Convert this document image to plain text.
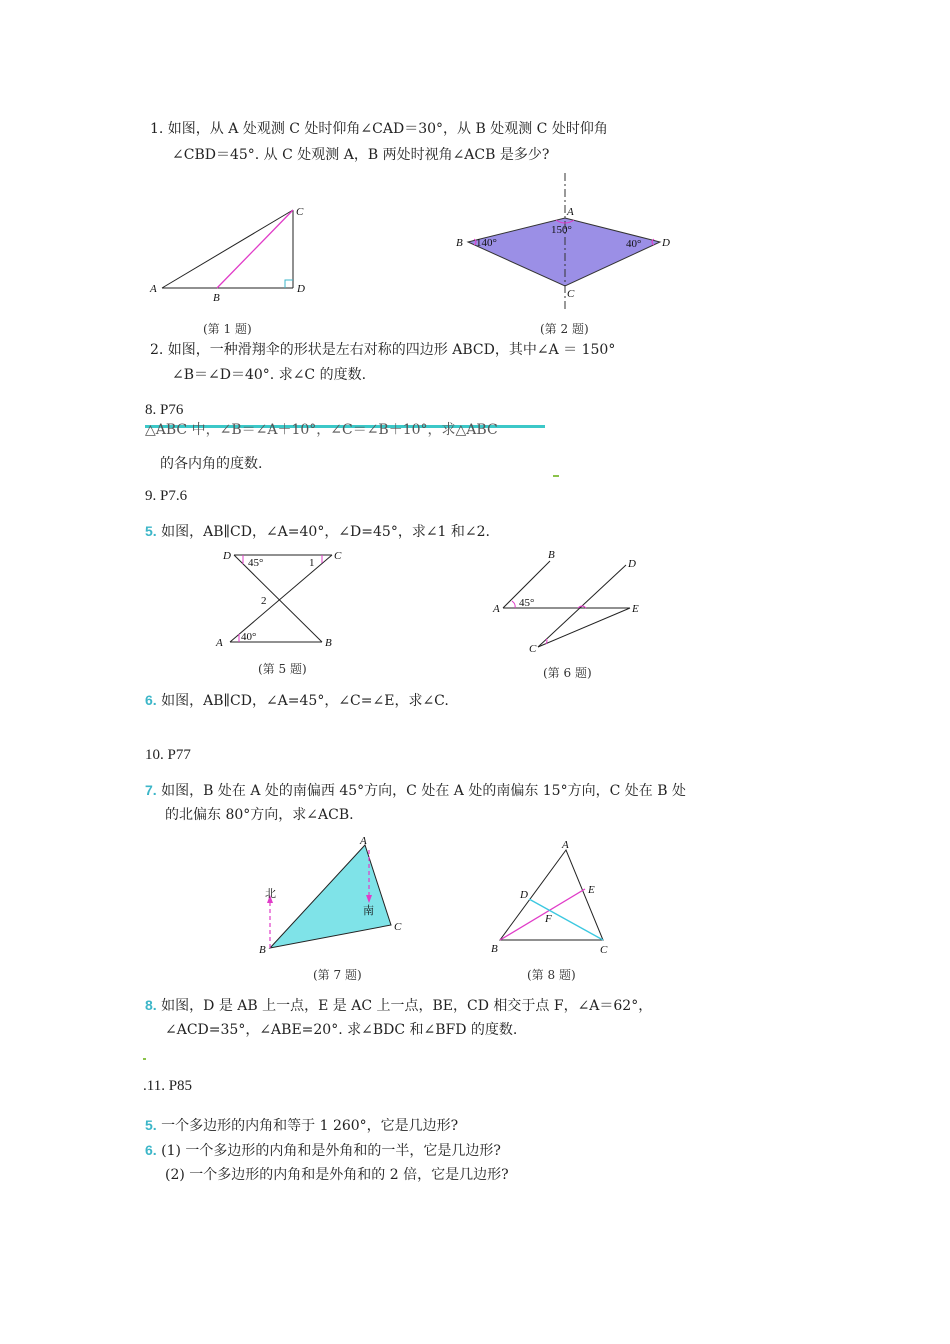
1. 如图，从 A 处观测 C 处时仰角∠CAD＝30°，从 B 处观测 C 处时仰角
∠CBD＝45°. 从 C 处观测 A，B 两处时视角∠ACB 是多少?
A
B
C
D
(第 1 题)
A
B
C
D
150°
140°	40°
(第 2 题)
2. 如图，一种滑翔伞的形状是左右对称的四边形 ABCD，其中∠A ＝ 150°
∠B＝∠D＝40°. 求∠C 的度数.
8. P76
△ABC 中，∠B＝∠A＋10°，∠C＝∠B＋10°，求△ABC
的各内角的度数.
9. P7.6
5. 如图，AB∥CD，∠A=40°，∠D=45°，求∠1 和∠2.
D	C
A	B
45°
40°
1
2
(第 5 题)
B
D
A	E
C
45°
(第 6 题)
6. 如图，AB∥CD，∠A=45°，∠C=∠E，求∠C.
10. P77
7. 如图，B 处在 A 处的南偏西 45°方向，C 处在 A 处的南偏东 15°方向，C 处在 B 处
的北偏东 80°方向，求∠ACB.
A
B
C
北
南
(第 7 题)
A
B	C
D	E
F
(第 8 题)
8. 如图，D 是 AB 上一点，E 是 AC 上一点，BE，CD 相交于点 F，∠A＝62°，
∠ACD=35°，∠ABE=20°. 求∠BDC 和∠BFD 的度数.
.11. P85
5. 一个多边形的内角和等于 1 260°，它是几边形?
6. (1) 一个多边形的内角和是外角和的一半，它是几边形?
(2) 一个多边形的内角和是外角和的 2 倍，它是几边形?
